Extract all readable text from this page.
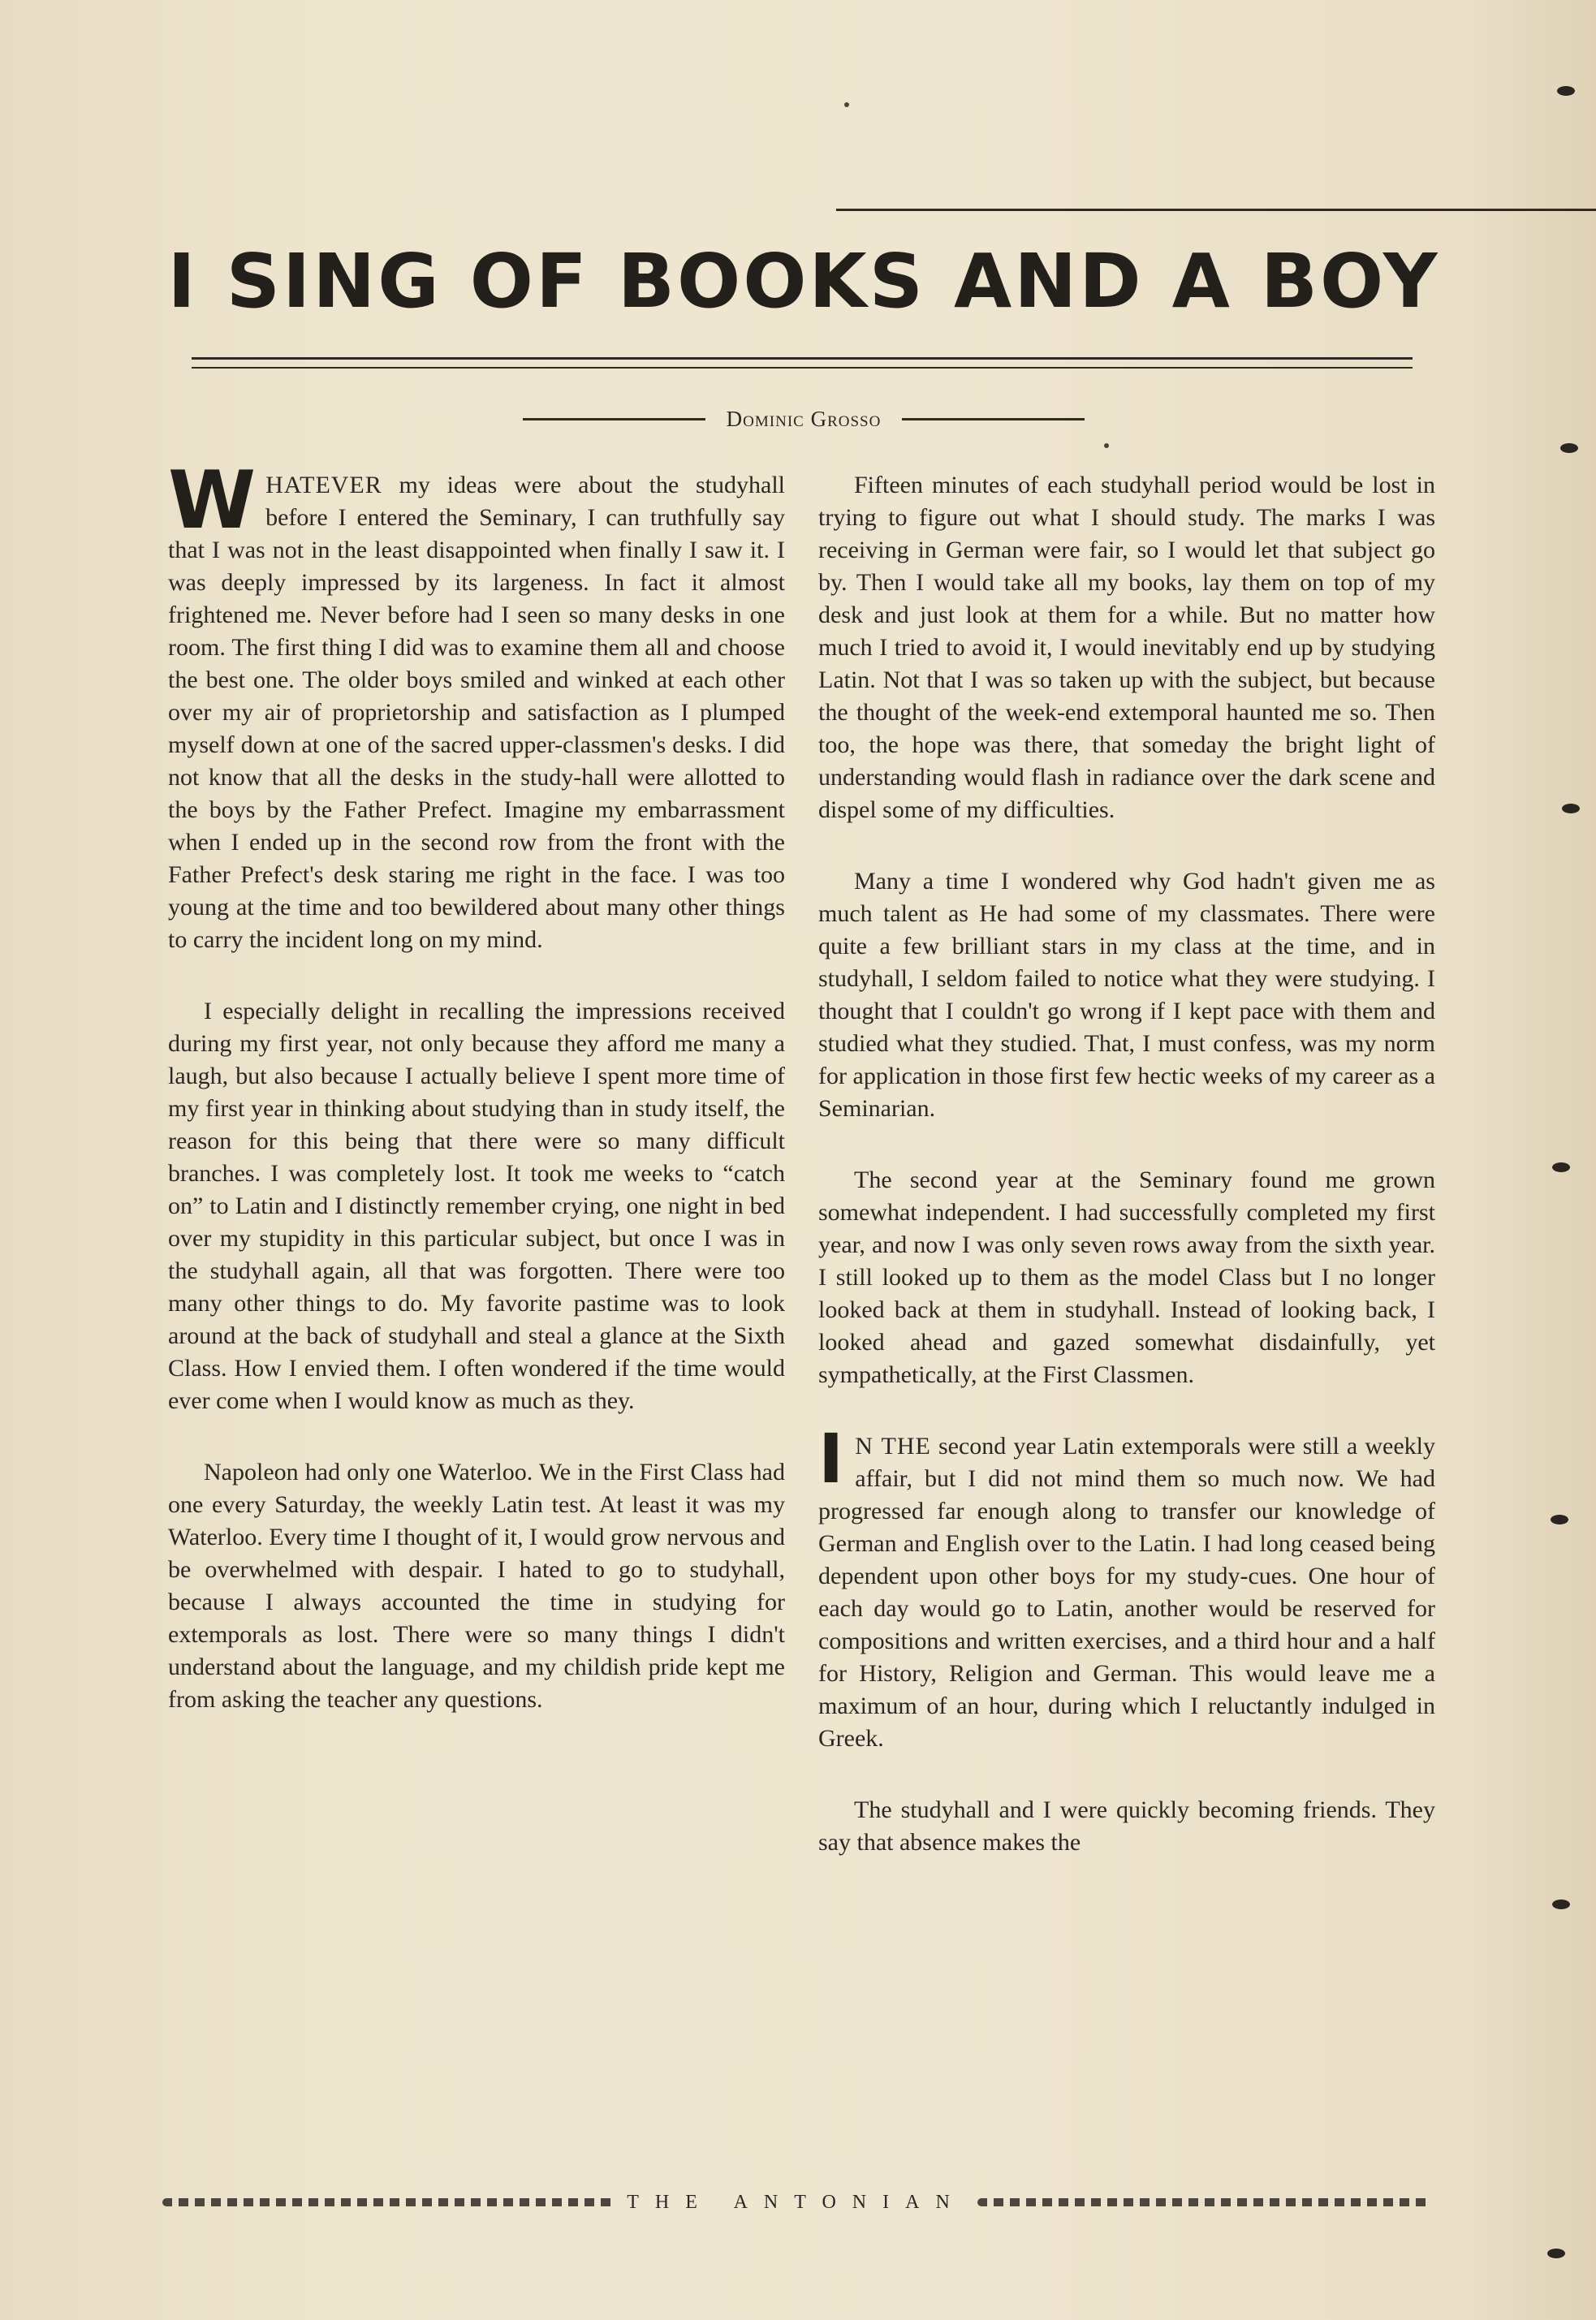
I SING OF BOOKS AND A BOY
Dominic Grosso

WHATEVER my ideas were about the studyhall before I entered the Seminary, I can truthfully say that I was not in the least disappointed when finally I saw it. I was deeply impressed by its largeness. In fact it almost frightened me. Never before had I seen so many desks in one room. The first thing I did was to examine them all and choose the best one. The older boys smiled and winked at each other over my air of proprietorship and satisfaction as I plumped myself down at one of the sacred upper-classmen's desks. I did not know that all the desks in the study-hall were allotted to the boys by the Father Prefect. Imagine my embarrassment when I ended up in the second row from the front with the Father Prefect's desk staring me right in the face. I was too young at the time and too bewildered about many other things to carry the incident long on my mind.

I especially delight in recalling the impressions received during my first year, not only because they afford me many a laugh, but also because I actually believe I spent more time of my first year in thinking about studying than in study itself, the reason for this being that there were so many difficult branches. I was completely lost. It took me weeks to “catch on” to Latin and I distinctly remember crying, one night in bed over my stupidity in this particular subject, but once I was in the studyhall again, all that was forgotten. There were too many other things to do. My favorite pastime was to look around at the back of studyhall and steal a glance at the Sixth Class. How I envied them. I often wondered if the time would ever come when I would know as much as they.

Napoleon had only one Waterloo. We in the First Class had one every Saturday, the weekly Latin test. At least it was my Waterloo. Every time I thought of it, I would grow nervous and be overwhelmed with despair. I hated to go to studyhall, because I always accounted the time in studying for extemporals as lost. There were so many things I didn't understand about the language, and my childish pride kept me from asking the teacher any questions.

Fifteen minutes of each studyhall period would be lost in trying to figure out what I should study. The marks I was receiving in German were fair, so I would let that subject go by. Then I would take all my books, lay them on top of my desk and just look at them for a while. But no matter how much I tried to avoid it, I would inevitably end up by studying Latin. Not that I was so taken up with the subject, but because the thought of the week-end extemporal haunted me so. Then too, the hope was there, that someday the bright light of understanding would flash in radiance over the dark scene and dispel some of my difficulties.

Many a time I wondered why God hadn't given me as much talent as He had some of my classmates. There were quite a few brilliant stars in my class at the time, and in studyhall, I seldom failed to notice what they were studying. I thought that I couldn't go wrong if I kept pace with them and studied what they studied. That, I must confess, was my norm for application in those first few hectic weeks of my career as a Seminarian.

The second year at the Seminary found me grown somewhat independent. I had successfully completed my first year, and now I was only seven rows away from the sixth year. I still looked up to them as the model Class but I no longer looked back at them in studyhall. Instead of looking back, I looked ahead and gazed somewhat disdainfully, yet sympathetically, at the First Classmen.

I N THE second year Latin extemporals were still a weekly affair, but I did not mind them so much now. We had progressed far enough along to transfer our knowledge of German and English over to the Latin. I had long ceased being dependent upon other boys for my study-cues. One hour of each day would go to Latin, another would be reserved for compositions and written exercises, and a third hour and a half for History, Religion and German. This would leave me a maximum of an hour, during which I reluctantly indulged in Greek.

The studyhall and I were quickly becoming friends. They say that absence makes the

THE ANTONIAN
